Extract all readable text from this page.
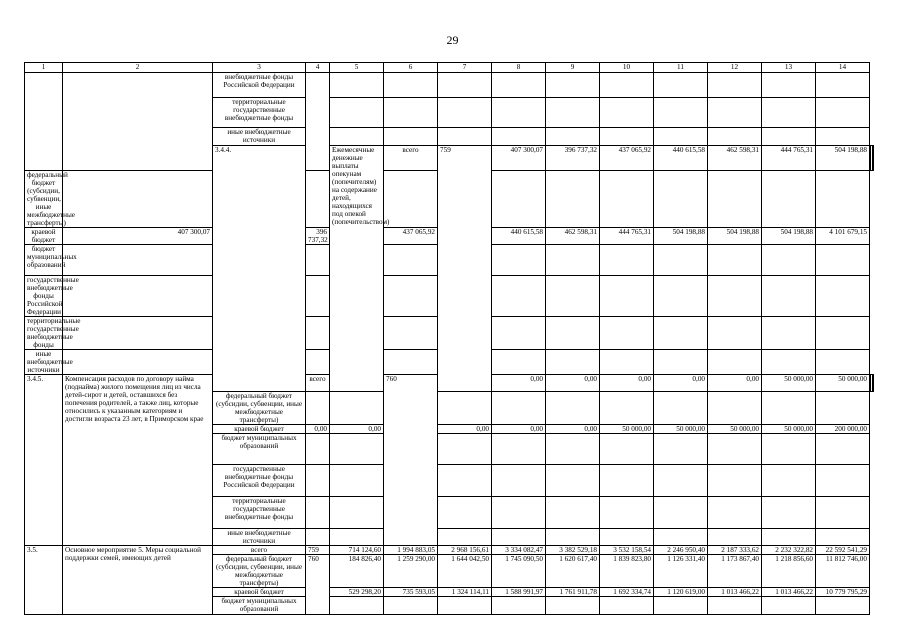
29
1	2	3	4	5	6	7	8	9	10	11	12	13	14		
		внебюджетные фонды Российской Федерации													
		территориальные государственные внебюджетные фонды													
		иные внебюджетные источники													
		3.4.4.		Ежемесячные денежные выплаты опекунам (попечителям) на содержание детей, находящихся под опекой (попечительством)	всего	759	407 300,07	396 737,32	437 065,92	440 615,58	462 598,31	444 765,31	504 198,88			
федеральный бюджет (субсидии, субвенции, иные межбюджетные трансферты)															
краевой бюджет	407 300,07		396 737,32		437 065,92		440 615,58	462 598,31	444 765,31	504 198,88	504 198,88	504 198,88	4 101 679,15		
бюджет муниципальных образований															
государственные внебюджетные фонды Российской Федерации															
территориальные государственные внебюджетные фонды															
иные внебюджетные источники															
3.4.5.	Компенсация расходов по договору найма (поднайма) жилого помещения лиц из числа детей-сирот и детей, оставшихся без попечения родителей, а также лиц, которые относились к указанным категориям и достигли возраста 23 лет, в Приморском крае		всего		760		0,00	0,00	0,00	0,00	0,00	50 000,00	50 000,00			
		федеральный бюджет (субсидии, субвенции, иные межбюджетные трансферты)													
		краевой бюджет	0,00	0,00		0,00	0,00	0,00	50 000,00	50 000,00	50 000,00	50 000,00	200 000,00		
		бюджет муниципальных образований													
		государственные внебюджетные фонды Российской Федерации													
		территориальные государственные внебюджетные фонды													
		иные внебюджетные источники													
3.5.	Основное мероприятие 5. Меры социальной поддержки семей, имеющих детей	всего	759	714 124,60	1 994 883,05	2 968 156,61	3 334 082,47	3 382 529,18	3 532 158,54	2 246 950,40	2 187 333,62	2 232 322,82	22 592 541,29		
		федеральный бюджет (субсидии, субвенции, иные межбюджетные трансферты)	760	184 826,40	1 259 290,00	1 644 042,50	1 745 090,50	1 620 617,40	1 839 823,80	1 126 331,40	1 173 867,40	1 218 856,60	11 812 746,00		
		краевой бюджет		529 298,20	735 593,05	1 324 114,11	1 588 991,97	1 761 911,78	1 692 334,74	1 120 619,00	1 013 466,22	1 013 466,22	10 779 795,29		
		бюджет муниципальных образований													
